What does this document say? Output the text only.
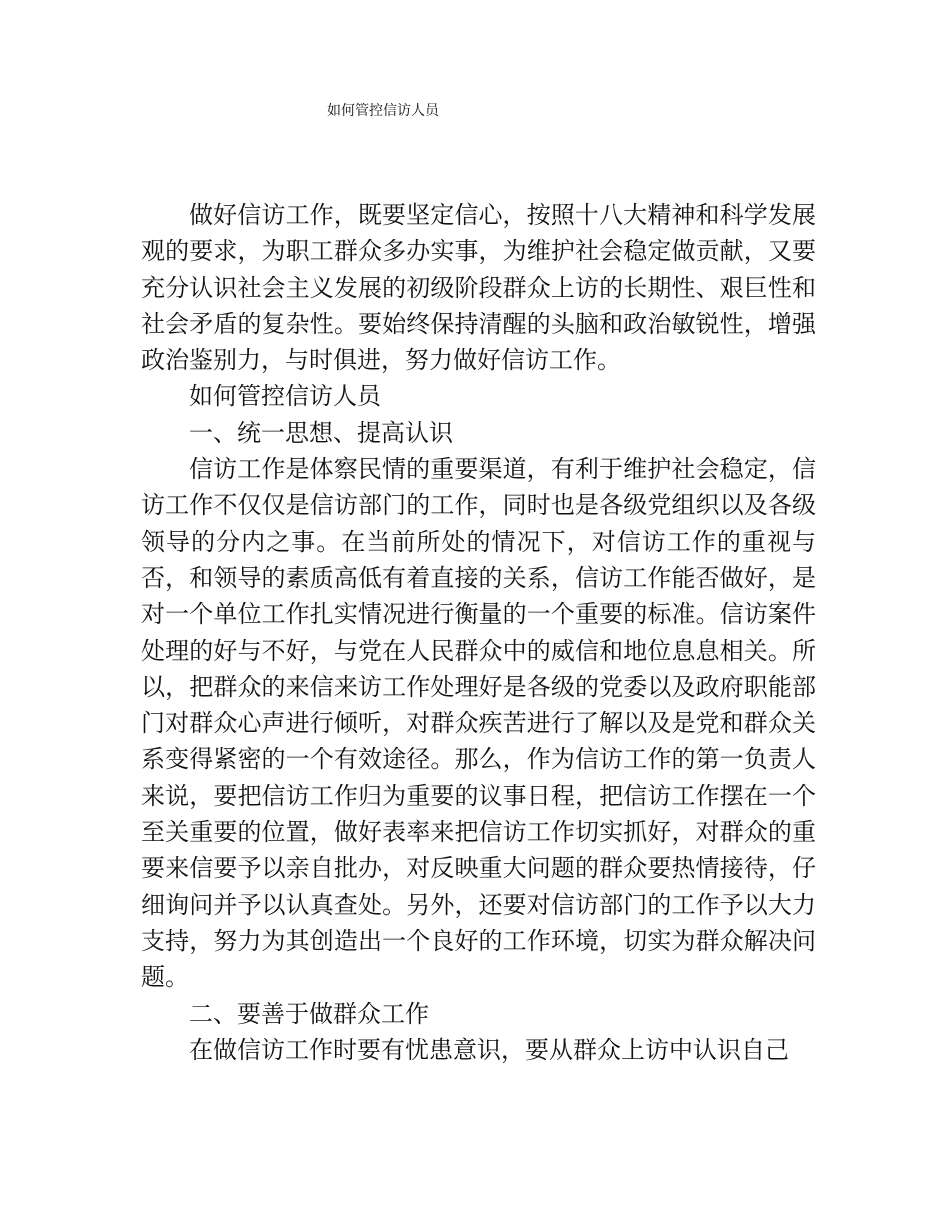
如何管控信访人员

做好信访工作，既要坚定信心，按照十八大精神和科学发展观的要求，为职工群众多办实事，为维护社会稳定做贡献，又要充分认识社会主义发展的初级阶段群众上访的长期性、艰巨性和社会矛盾的复杂性。要始终保持清醒的头脑和政治敏锐性，增强政治鉴别力，与时俱进，努力做好信访工作。

如何管控信访人员

一、统一思想、提高认识

信访工作是体察民情的重要渠道，有利于维护社会稳定，信访工作不仅仅是信访部门的工作，同时也是各级党组织以及各级领导的分内之事。在当前所处的情况下，对信访工作的重视与否，和领导的素质高低有着直接的关系，信访工作能否做好，是对一个单位工作扎实情况进行衡量的一个重要的标准。信访案件处理的好与不好，与党在人民群众中的威信和地位息息相关。所以，把群众的来信来访工作处理好是各级的党委以及政府职能部门对群众心声进行倾听，对群众疾苦进行了解以及是党和群众关系变得紧密的一个有效途径。那么，作为信访工作的第一负责人来说，要把信访工作归为重要的议事日程，把信访工作摆在一个至关重要的位置，做好表率来把信访工作切实抓好，对群众的重要来信要予以亲自批办，对反映重大问题的群众要热情接待，仔细询问并予以认真查处。另外，还要对信访部门的工作予以大力支持，努力为其创造出一个良好的工作环境，切实为群众解决问题。

二、要善于做群众工作

在做信访工作时要有忧患意识，要从群众上访中认识自己
